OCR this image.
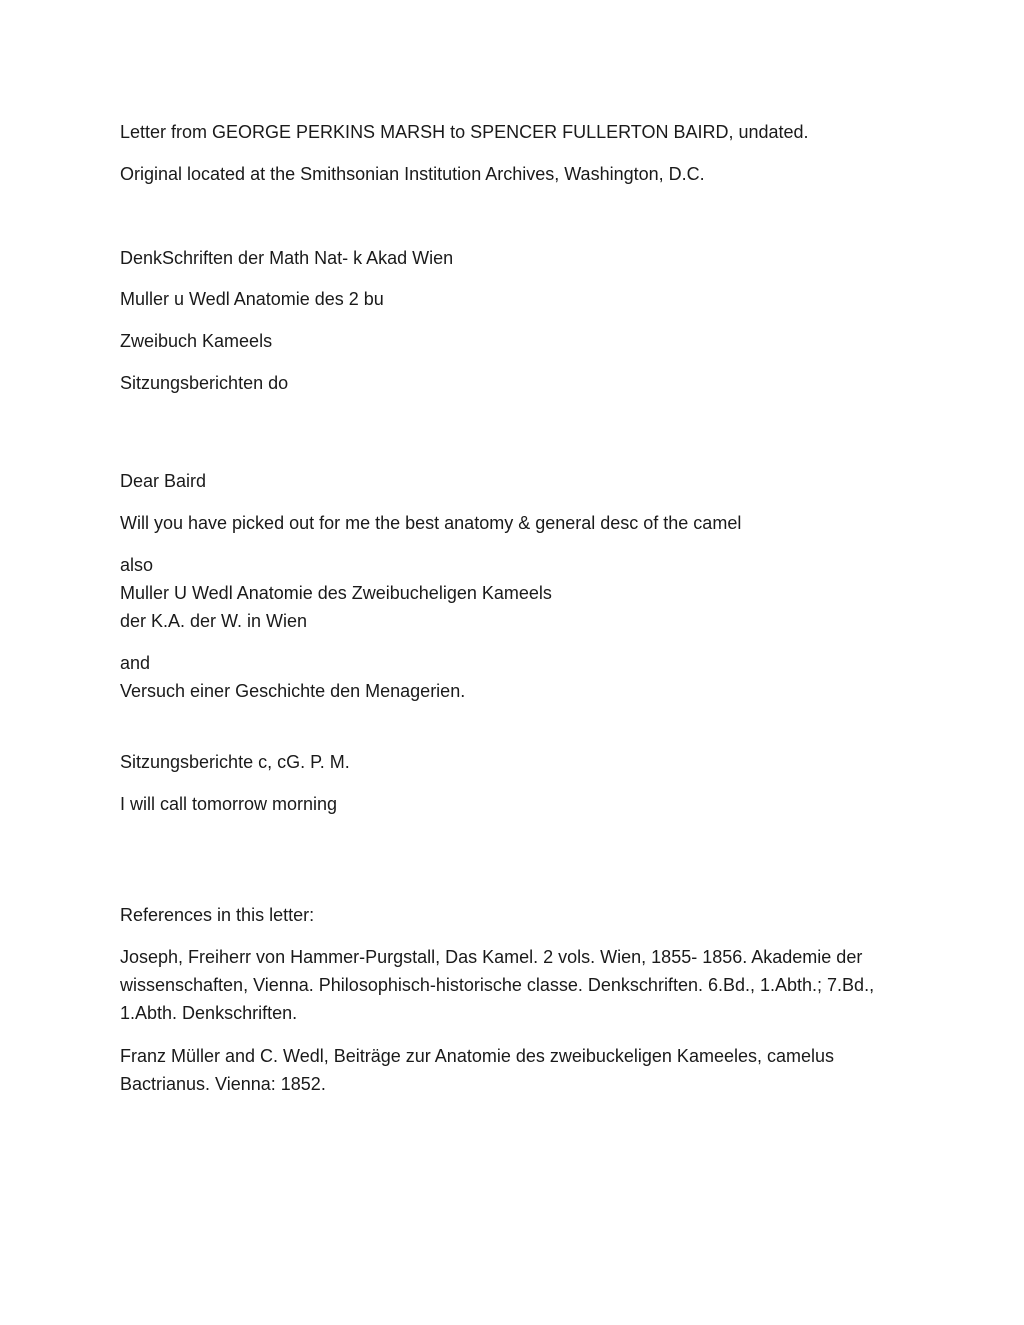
Letter from GEORGE PERKINS MARSH to SPENCER FULLERTON BAIRD, undated.

Original located at the Smithsonian Institution Archives, Washington, D.C.

DenkSchriften der Math Nat- k Akad Wien

Muller u Wedl Anatomie des 2 bu

Zweibuch Kameels

Sitzungsberichten do

Dear Baird

Will you have picked out for me the best anatomy & general desc of the camel

also

Muller U Wedl Anatomie des Zweibucheligen Kameels

der K.A. der W. in Wien

and

Versuch einer Geschichte den Menagerien.

Sitzungsberichte c, cG. P. M.

I will call tomorrow morning

References in this letter:

Joseph, Freiherr von Hammer-Purgstall, Das Kamel. 2 vols. Wien, 1855- 1856. Akademie der wissenschaften, Vienna. Philosophisch-historische classe. Denkschriften. 6.Bd., 1.Abth.; 7.Bd., 1.Abth. Denkschriften.

Franz Müller and C. Wedl, Beiträge zur Anatomie des zweibuckeligen Kameeles, camelus Bactrianus. Vienna: 1852.
